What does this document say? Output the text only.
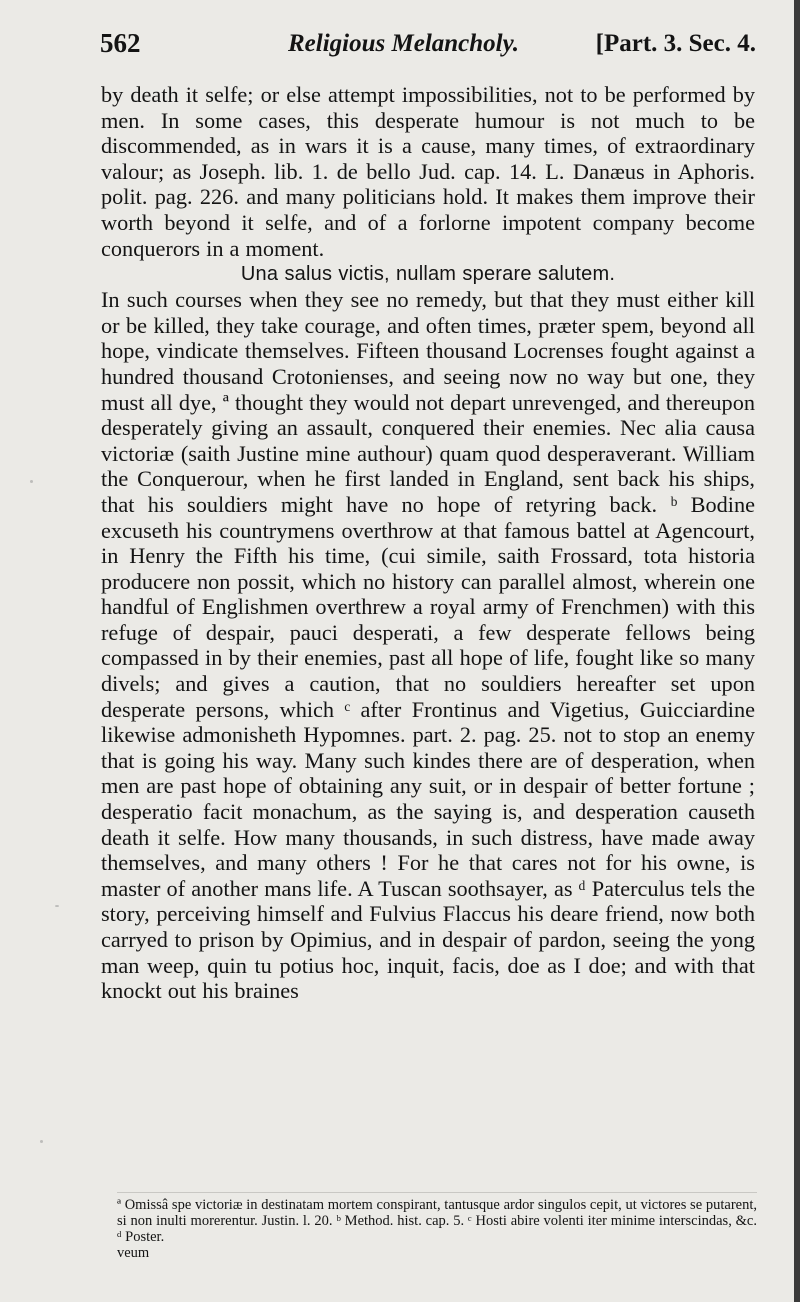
562	Religious Melancholy.	[Part. 3. Sec. 4.

by death it selfe; or else attempt impossibilities, not to be performed by men. In some cases, this desperate humour is not much to be discommended, as in wars it is a cause, many times, of extraordinary valour; as Joseph. lib. 1. de bello Jud. cap. 14. L. Danæus in Aphoris. polit. pag. 226. and many politicians hold. It makes them improve their worth beyond it selfe, and of a forlorne impotent company become conquerors in a moment.

Una salus victis, nullam sperare salutem.

In such courses when they see no remedy, but that they must either kill or be killed, they take courage, and often times, præter spem, beyond all hope, vindicate themselves. Fifteen thousand Locrenses fought against a hundred thousand Crotonienses, and seeing now no way but one, they must all dye, ª thought they would not depart unrevenged, and thereupon desperately giving an assault, conquered their enemies. Nec alia causa victoriæ (saith Justine mine authour) quam quod desperaverant. William the Conquerour, when he first landed in England, sent back his ships, that his souldiers might have no hope of retyring back. ᵇ Bodine excuseth his countrymens overthrow at that famous battel at Agencourt, in Henry the Fifth his time, (cui simile, saith Frossard, tota historia producere non possit, which no history can parallel almost, wherein one handful of Englishmen overthrew a royal army of Frenchmen) with this refuge of despair, pauci desperati, a few desperate fellows being compassed in by their enemies, past all hope of life, fought like so many divels; and gives a caution, that no souldiers hereafter set upon desperate persons, which ᶜ after Frontinus and Vigetius, Guicciardine likewise admonisheth Hypomnes. part. 2. pag. 25. not to stop an enemy that is going his way. Many such kindes there are of desperation, when men are past hope of obtaining any suit, or in despair of better fortune ; desperatio facit monachum, as the saying is, and desperation causeth death it selfe. How many thousands, in such distress, have made away themselves, and many others ! For he that cares not for his owne, is master of another mans life. A Tuscan soothsayer, as ᵈ Paterculus tels the story, perceiving himself and Fulvius Flaccus his deare friend, now both carryed to prison by Opimius, and in despair of pardon, seeing the yong man weep, quin tu potius hoc, inquit, facis, doe as I doe; and with that knockt out his braines

ª Omissâ spe victoriæ in destinatam mortem conspirant, tantusque ardor singulos cepit, ut victores se putarent, si non inulti morerentur. Justin. l. 20. ᵇ Method. hist. cap. 5. ᶜ Hosti abire volenti iter minime interscindas, &c. ᵈ Poster.

veum
